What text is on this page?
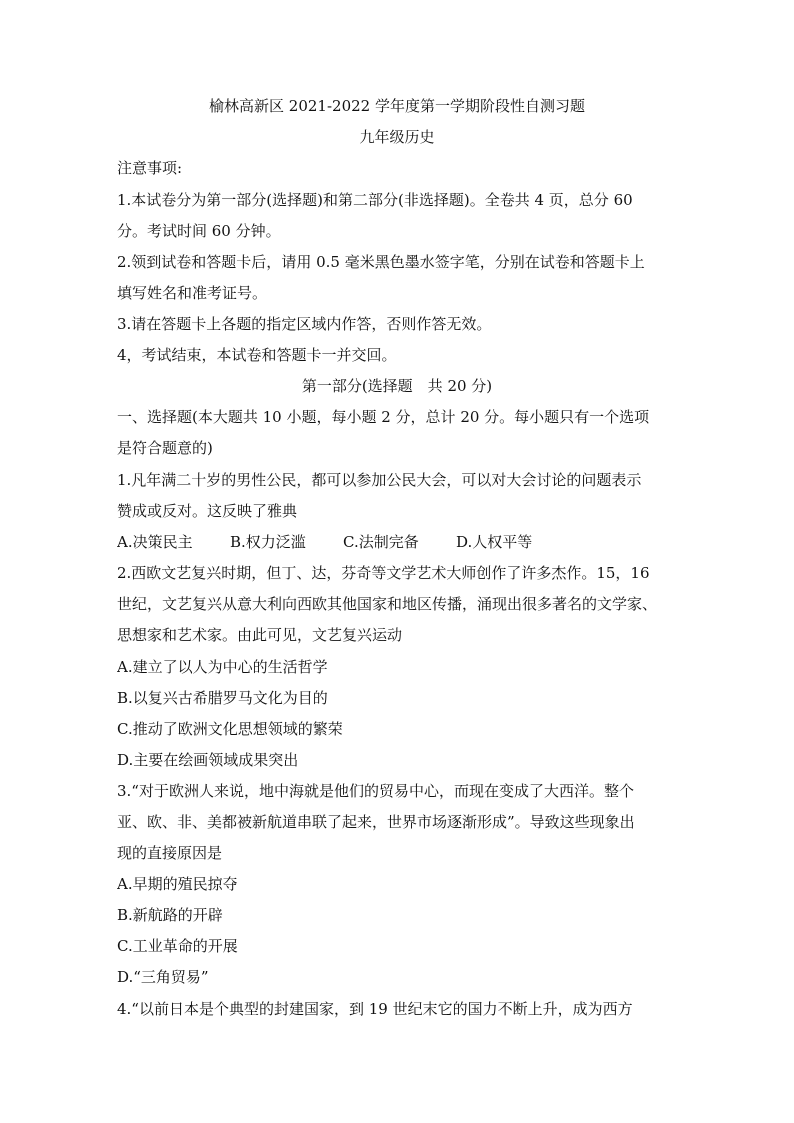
榆林高新区 2021-2022 学年度第一学期阶段性自测习题
九年级历史
注意事项:
1.本试卷分为第一部分(选择题)和第二部分(非选择题)。全卷共 4 页，总分 60
分。考试时间 60 分钟。
2.领到试卷和答题卡后，请用 0.5 毫米黑色墨水签字笔，分别在试卷和答题卡上
填写姓名和准考证号。
3.请在答题卡上各题的指定区域内作答，否则作答无效。
4，考试结束，本试卷和答题卡一并交回。
第一部分(选择题　共 20 分)
一、选择题(本大题共 10 小题，每小题 2 分，总计 20 分。每小题只有一个选项
是符合题意的)
1.凡年满二十岁的男性公民，都可以参加公民大会，可以对大会讨论的问题表示
赞成或反对。这反映了雅典
A.决策民主 B.权力泛滥 C.法制完备 D.人权平等
2.西欧文艺复兴时期，但丁、达，芬奇等文学艺术大师创作了许多杰作。15，16
世纪，文艺复兴从意大利向西欧其他国家和地区传播，涌现出很多著名的文学家、
思想家和艺术家。由此可见，文艺复兴运动
A.建立了以人为中心的生活哲学
B.以复兴古希腊罗马文化为目的
C.推动了欧洲文化思想领域的繁荣
D.主要在绘画领域成果突出
3.“对于欧洲人来说，地中海就是他们的贸易中心，而现在变成了大西洋。整个
亚、欧、非、美都被新航道串联了起来，世界市场逐渐形成”。导致这些现象出
现的直接原因是
A.早期的殖民掠夺
B.新航路的开辟
C.工业革命的开展
D.“三角贸易”
4.“以前日本是个典型的封建国家，到 19 世纪末它的国力不断上升，成为西方
